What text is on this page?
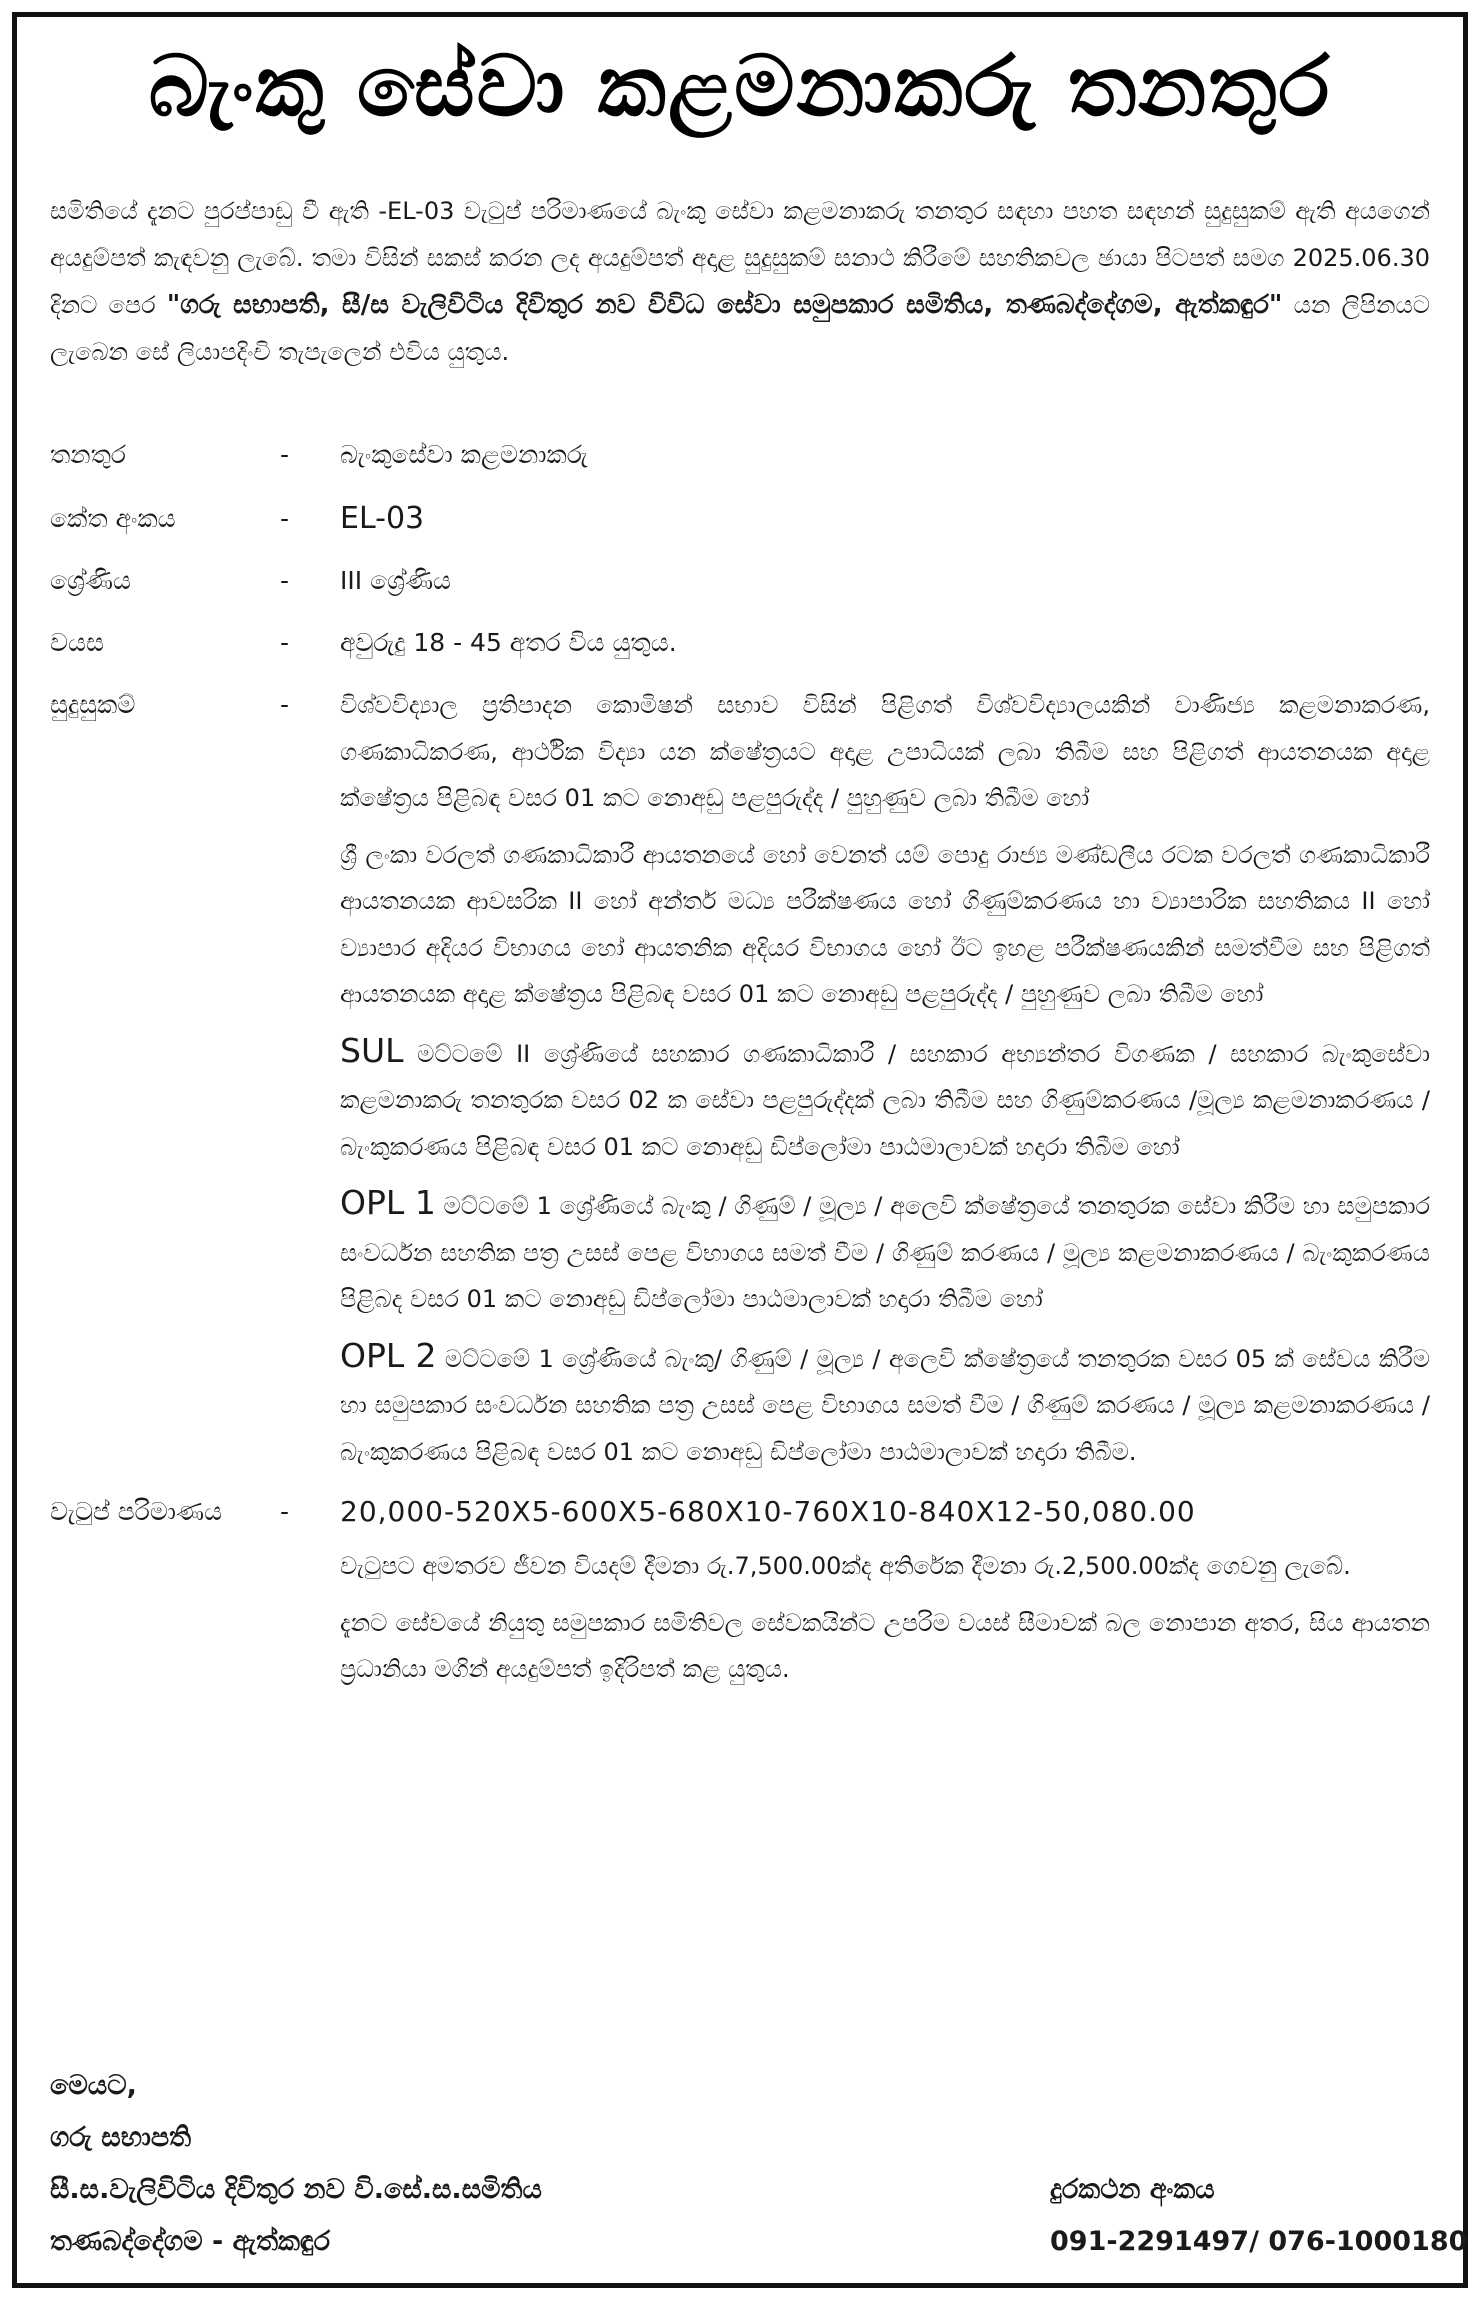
බැංකු සේවා කළමනාකරු තනතුර
සමිතියේ දැනට පුරප්පාඩු වී ඇති -EL-03 වැටුප් පරිමාණයේ බැංකු සේවා කළමනාකරු තනතුර සඳහා පහත සඳහන් සුදුසුකම් ඇති අයගෙන් අයදුම්පත් කැඳවනු ලැබේ. තමා විසින් සකස් කරන ලද අයදුම්පත් අදාළ සුදුසුකම් සනාථ කිරීමේ සහතිකවල ඡායා පිටපත් සමග 2025.06.30 දිනට පෙර "ගරු සභාපති, සී/ස වැලිවිටිය දිවිතුර නව විවිධ සේවා සමුපකාර සමිතිය, තණබද්දේගම, ඇත්කඳුර" යන ලිපිනයට ලැබෙන සේ ලියාපදිංචි තැපැලෙන් එවිය යුතුය.
තනතුර	-	බැංකුසේවා කළමනාකරු
කේත අංකය	-	EL-03
ශ්‍රේණිය	-	III ශ්‍රේණිය
වයස	-	අවුරුදු 18 - 45 අතර විය යුතුය.
සුදුසුකම්	-	විශ්වවිද්‍යාල ප්‍රතිපාදන කොමිෂන් සභාව විසින් පිළිගත් විශ්වවිද්‍යාලයකින් වාණිජ්‍ය කළමනාකරණ, ගණකාධිකරණ, ආර්ථික විද්‍යා යන ක්ෂේත්‍රයට අදාළ උපාධියක් ලබා තිබීම සහ පිළිගත් ආයතනයක අදාළ ක්ෂේත්‍රය පිළිබඳ වසර 01 කට නොඅඩු පළපුරුද්ද / පුහුණුව ලබා තිබීම හෝ

ශ්‍රී ලංකා වරලත් ගණකාධිකාරී ආයතනයේ හෝ වෙනත් යම් පොදු රාජ්‍ය මණ්ඩලීය රටක වරලත් ගණකාධිකාරී ආයතනයක ආවසරික II හෝ අන්තර් මධ්‍ය පරීක්ෂණය හෝ ගිණුම්කරණය හා ව්‍යාපාරික සහතිකය II හෝ ව්‍යාපාර අදියර විභාගය හෝ ආයතනික අදියර විභාගය හෝ ඊට ඉහළ පරීක්ෂණයකින් සමත්වීම සහ පිළිගත් ආයතනයක අදාළ ක්ෂේත්‍රය පිළිබඳ වසර 01 කට නොඅඩු පළපුරුද්ද / පුහුණුව ලබා තිබීම හෝ

SUL මට්ටමේ II ශ්‍රේණියේ සහකාර ගණකාධිකාරී / සහකාර අභ්‍යන්තර විගණක / සහකාර බැංකුසේවා කළමනාකරු තනතුරක වසර 02 ක සේවා පළපුරුද්දක් ලබා තිබීම සහ ගිණුම්කරණය /මූල්‍ය කළමනාකරණය / බැංකුකරණය පිළිබඳ වසර 01 කට නොඅඩු ඩිප්ලෝමා පාඨමාලාවක් හදාරා තිබීම හෝ

OPL 1 මට්ටමේ 1 ශ්‍රේණියේ බැංකු / ගිණුම් / මූල්‍ය / අලෙවි ක්ෂේත්‍රයේ තනතුරක සේවා කිරීම හා සමුපකාර සංවර්ධන සහතික පත්‍ර උසස් පෙළ විභාගය සමත් වීම / ගිණුම් කරණය / මූල්‍ය කළමනාකරණය / බැංකුකරණය පිළිබද වසර 01 කට නොඅඩු ඩිප්ලෝමා පාඨමාලාවක් හදාරා තිබීම හෝ

OPL 2 මට්ටමේ 1 ශ්‍රේණියේ බැංකු/ ගිණුම් / මූල්‍ය / අලෙවි ක්ෂේත්‍රයේ තනතුරක වසර 05 ක් සේවය කිරීම හා සමුපකාර සංවර්ධන සහතික පත්‍ර උසස් පෙළ විභාගය සමත් වීම / ගිණුම් කරණය / මූල්‍ය කළමනාකරණය / බැංකුකරණය පිළිබඳ වසර 01 කට නොඅඩු ඩිප්ලෝමා පාඨමාලාවක් හදාරා තිබීම.

වැටුප් පරිමාණය	-	20,000-520X5-600X5-680X10-760X10-840X12-50,080.00

වැටුපට අමතරව ජීවන වියදම් දීමනා රු.7,500.00ක්ද අතිරේක දීමනා රු.2,500.00ක්ද ගෙවනු ලැබේ.

දැනට සේවයේ නියුතු සමුපකාර සමිතිවල සේවකයින්ට උපරිම වයස් සීමාවක් බල නොපාන අතර, සිය ආයතන ප්‍රධානියා මගින් අයදුම්පත් ඉදිරිපත් කළ යුතුය.

මෙයට,
ගරු සභාපති
සී.ස.වැලිවිටිය දිවිතුර නව වි.සේ.ස.සමිතිය
තණබද්දේගම - ඇත්කඳුර
දුරකථන අංකය
091-2291497/ 076-1000180
